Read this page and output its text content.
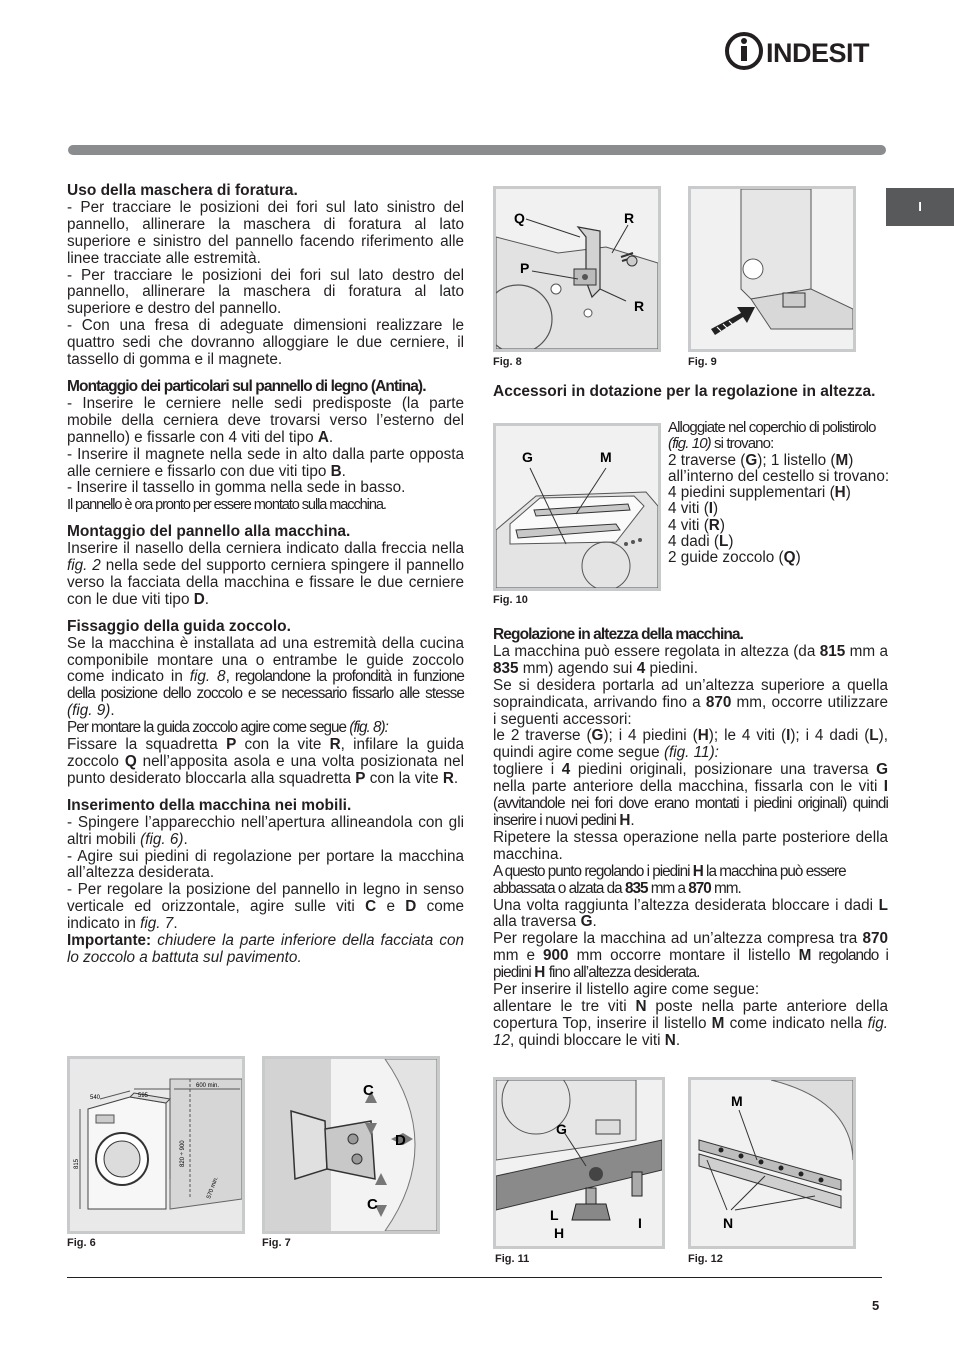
INDESIT
I
Uso della maschera di foratura.

- Per tracciare le posizioni dei fori sul lato sinistro del pannello, allinerare la maschera di foratura al lato superiore e sinistro del pannello facendo riferimento alle linee tracciate alle estremità.

- Per tracciare le posizioni dei fori sul lato destro del pannello, allinerare la maschera di foratura al lato superiore e destro del pannello.

- Con una fresa di adeguate dimensioni realizzare le quattro sedi che dovranno alloggiare le due cerniere, il tassello di gomma e il magnete.

Montaggio dei particolari sul pannello di legno (Antina).

- Inserire le cerniere nelle sedi predisposte (la parte mobile della cerniera deve trovarsi verso l’esterno del pannello) e fissarle con 4 viti del tipo A.

- Inserire il magnete nella sede in alto dalla parte opposta alle cerniere e fissarlo con due viti tipo B.

- Inserire il tassello in gomma nella sede in basso.

Il pannello è ora pronto per essere montato sulla macchina.

Montaggio del pannello alla macchina.

Inserire il nasello della cerniera indicato dalla freccia nella fig. 2 nella sede del supporto cerniera spingere il pannello verso la facciata della macchina e fissare le due cerniere con le due viti tipo D.

Fissaggio della guida zoccolo.

Se la macchina è installata ad una estremità della cucina componibile montare una o entrambe le guide zoccolo come indicato in fig. 8, regolandone la profondità in funzione della posizione dello zoccolo e se necessario fissarlo alle stesse (fig. 9).

Per montare la guida zoccolo agire come segue (fig. 8):

Fissare la squadretta P con la vite R, infilare la guida zoccolo Q nell’apposita asola e una volta posizionata nel punto desiderato bloccarla alla squadretta P con la vite R.

Inserimento della macchina nei mobili.

- Spingere l’apparecchio nell’apertura allineandola con gli altri mobili (fig. 6).

- Agire sui piedini di regolazione per portare la macchina all’altezza desiderata.

- Per regolare la posizione del pannello in legno in senso verticale ed orizzontale, agire sulle viti C e D come indicato in fig. 7.

Importante: chiudere la parte inferiore della facciata con lo zoccolo a battuta sul pavimento.

Q	R
P
R
Fig. 8	Fig. 9
Accessori in dotazione per la regolazione in altezza.
G	M
Fig. 10

Alloggiate nel coperchio di polistirolo (fig. 10) si trovano:

2 traverse (G); 1 listello (M) all’interno del cestello si trovano:

4 piedini supplementari (H)

4 viti (I)

4 viti (R)

4 dadi (L)

2 guide zoccolo (Q)

Regolazione in altezza della macchina.

La macchina può essere regolata in altezza (da 815 mm a 835 mm) agendo sui 4 piedini.

Se si desidera portarla ad un’altezza superiore a quella sopraindicata, arrivando fino a 870 mm, occorre utilizzare i seguenti accessori:

le 2 traverse (G); i 4 piedini (H); le 4 viti (I); i 4 dadi (L), quindi agire come segue (fig. 11):

togliere i 4 piedini originali, posizionare una traversa G nella parte anteriore della macchina, fissarla con le viti I (avvitandole nei fori dove erano montati i piedini originali) quindi inserire i nuovi pedini H.

Ripetere la stessa operazione nella parte posteriore della macchina.

A questo punto regolando i piedini H la macchina può essere abbassata o alzata da 835 mm a 870 mm.

Una volta raggiunta l’altezza desiderata bloccare i dadi L alla traversa G.

Per regolare la macchina ad un’altezza compresa tra 870 mm e 900 mm occorre montare il listello M regolando i piedini H fino all’altezza desiderata.

Per inserire il listello agire come segue:

allentare le tre viti N poste nella parte anteriore della copertura Top, inserire il listello M come indicato nella fig. 12, quindi bloccare le viti N.

540	595
600 min.
815	820 ÷ 900
570 min.
Fig. 6
C
D
C
Fig. 7
G
L
H
I
Fig. 11
M
N
Fig. 12
5
